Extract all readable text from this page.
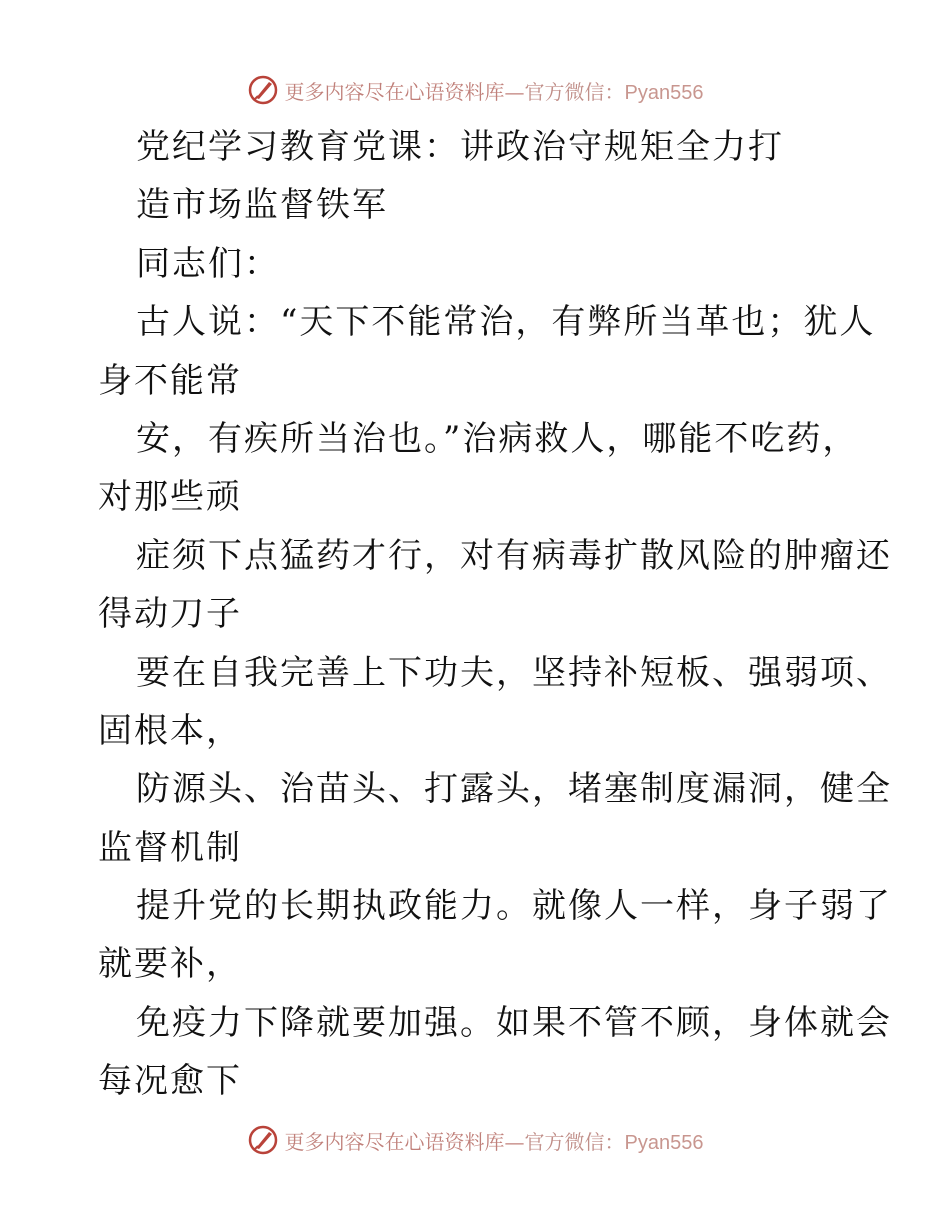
更多内容尽在心语资料库—官方微信：Pyan556
党纪学习教育党课：讲政治守规矩全力打
造市场监督铁军
同志们：
古人说：“天下不能常治，有弊所当革也；犹人
身不能常
安，有疾所当治也。”治病救人，哪能不吃药，
对那些顽
症须下点猛药才行，对有病毒扩散风险的肿瘤还
得动刀子
要在自我完善上下功夫，坚持补短板、强弱项、
固根本，
防源头、治苗头、打露头，堵塞制度漏洞，健全
监督机制
提升党的长期执政能力。就像人一样，身子弱了
就要补，
免疫力下降就要加强。如果不管不顾，身体就会
每况愈下
更多内容尽在心语资料库—官方微信：Pyan556
